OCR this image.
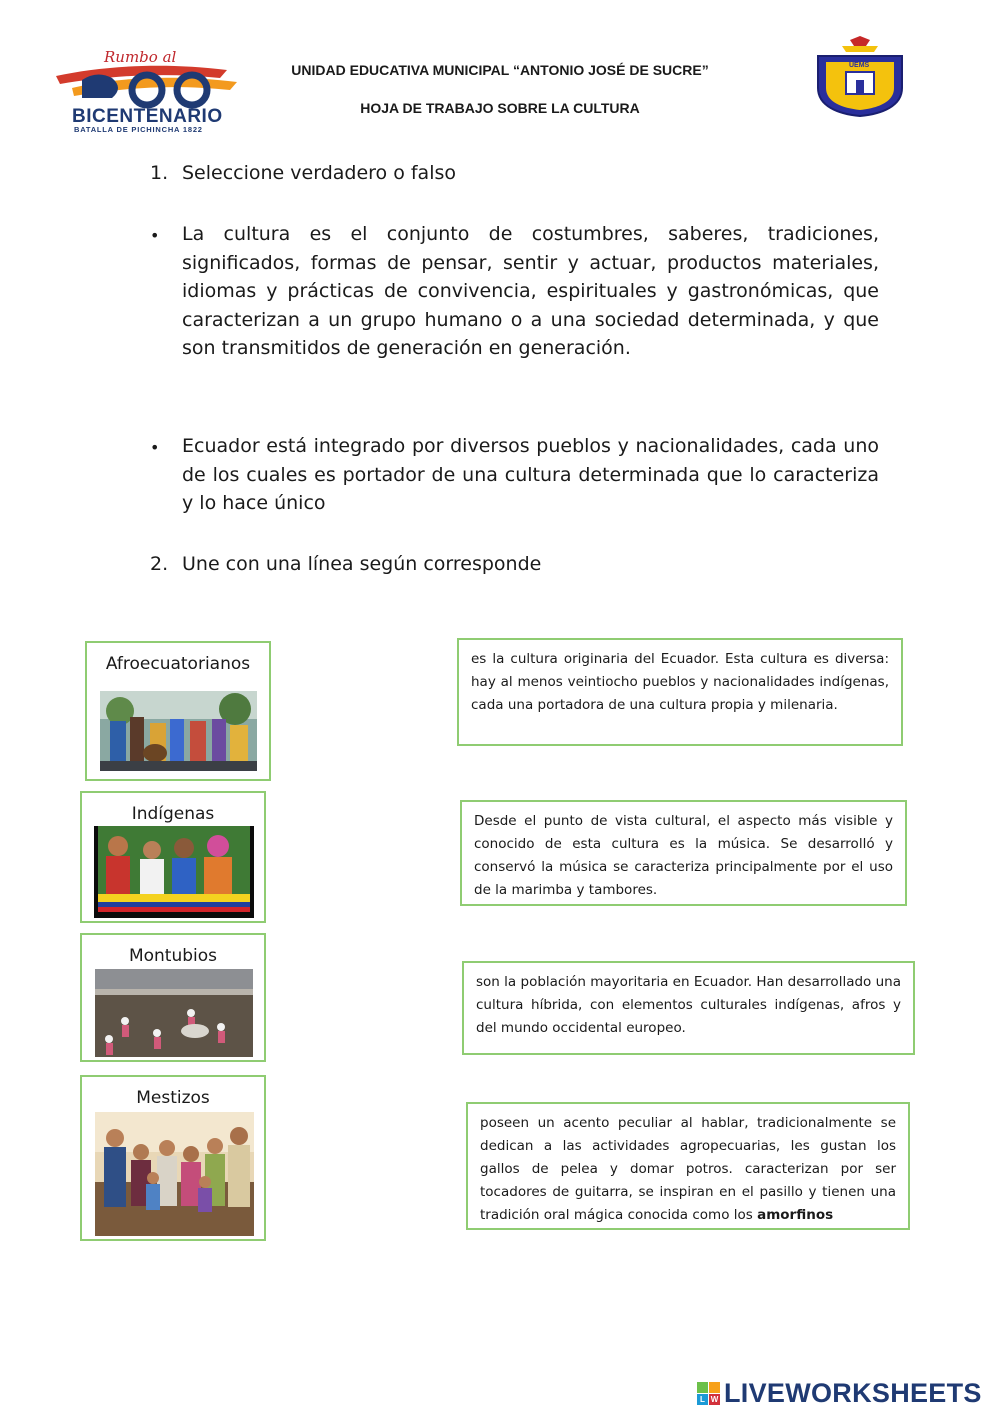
Rumbo al
BICENTENARIO
BATALLA DE PICHINCHA 1822
UNIDAD EDUCATIVA MUNICIPAL “ANTONIO JOSÉ DE SUCRE”
HOJA DE TRABAJO SOBRE LA CULTURA
UEMS
1. Seleccione verdadero o falso
• La cultura es el conjunto de costumbres, saberes, tradiciones, significados, formas de pensar, sentir y actuar, productos materiales, idiomas y prácticas de convivencia, espirituales y gastronómicas, que caracterizan a un grupo humano o a una sociedad determinada, y que son transmitidos de generación en generación.
• Ecuador está integrado por diversos pueblos y nacionalidades, cada uno de los cuales es portador de una cultura determinada que lo caracteriza y lo hace único
2. Une con una línea según corresponde
Afroecuatorianos
Indígenas
Montubios
Mestizos
es la cultura originaria del Ecuador. Esta cultura es diversa: hay al menos veintiocho pueblos y nacionalidades indígenas, cada una portadora de una cultura propia y milenaria.
Desde el punto de vista cultural, el aspecto más visible y conocido de esta cultura es la música. Se desarrolló y conservó la música se caracteriza principalmente por el uso de la marimba y tambores.
son la población mayoritaria en Ecuador. Han desarrollado una cultura híbrida, con elementos culturales indígenas, afros y del mundo occidental europeo.
poseen un acento peculiar al hablar, tradicionalmente se dedican a las actividades agropecuarias, les gustan los gallos de pelea y domar potros. caracterizan por ser tocadores de guitarra, se inspiran en el pasillo y tienen una tradición oral mágica conocida como los amorfinos
L W LIVEWORKSHEETS
